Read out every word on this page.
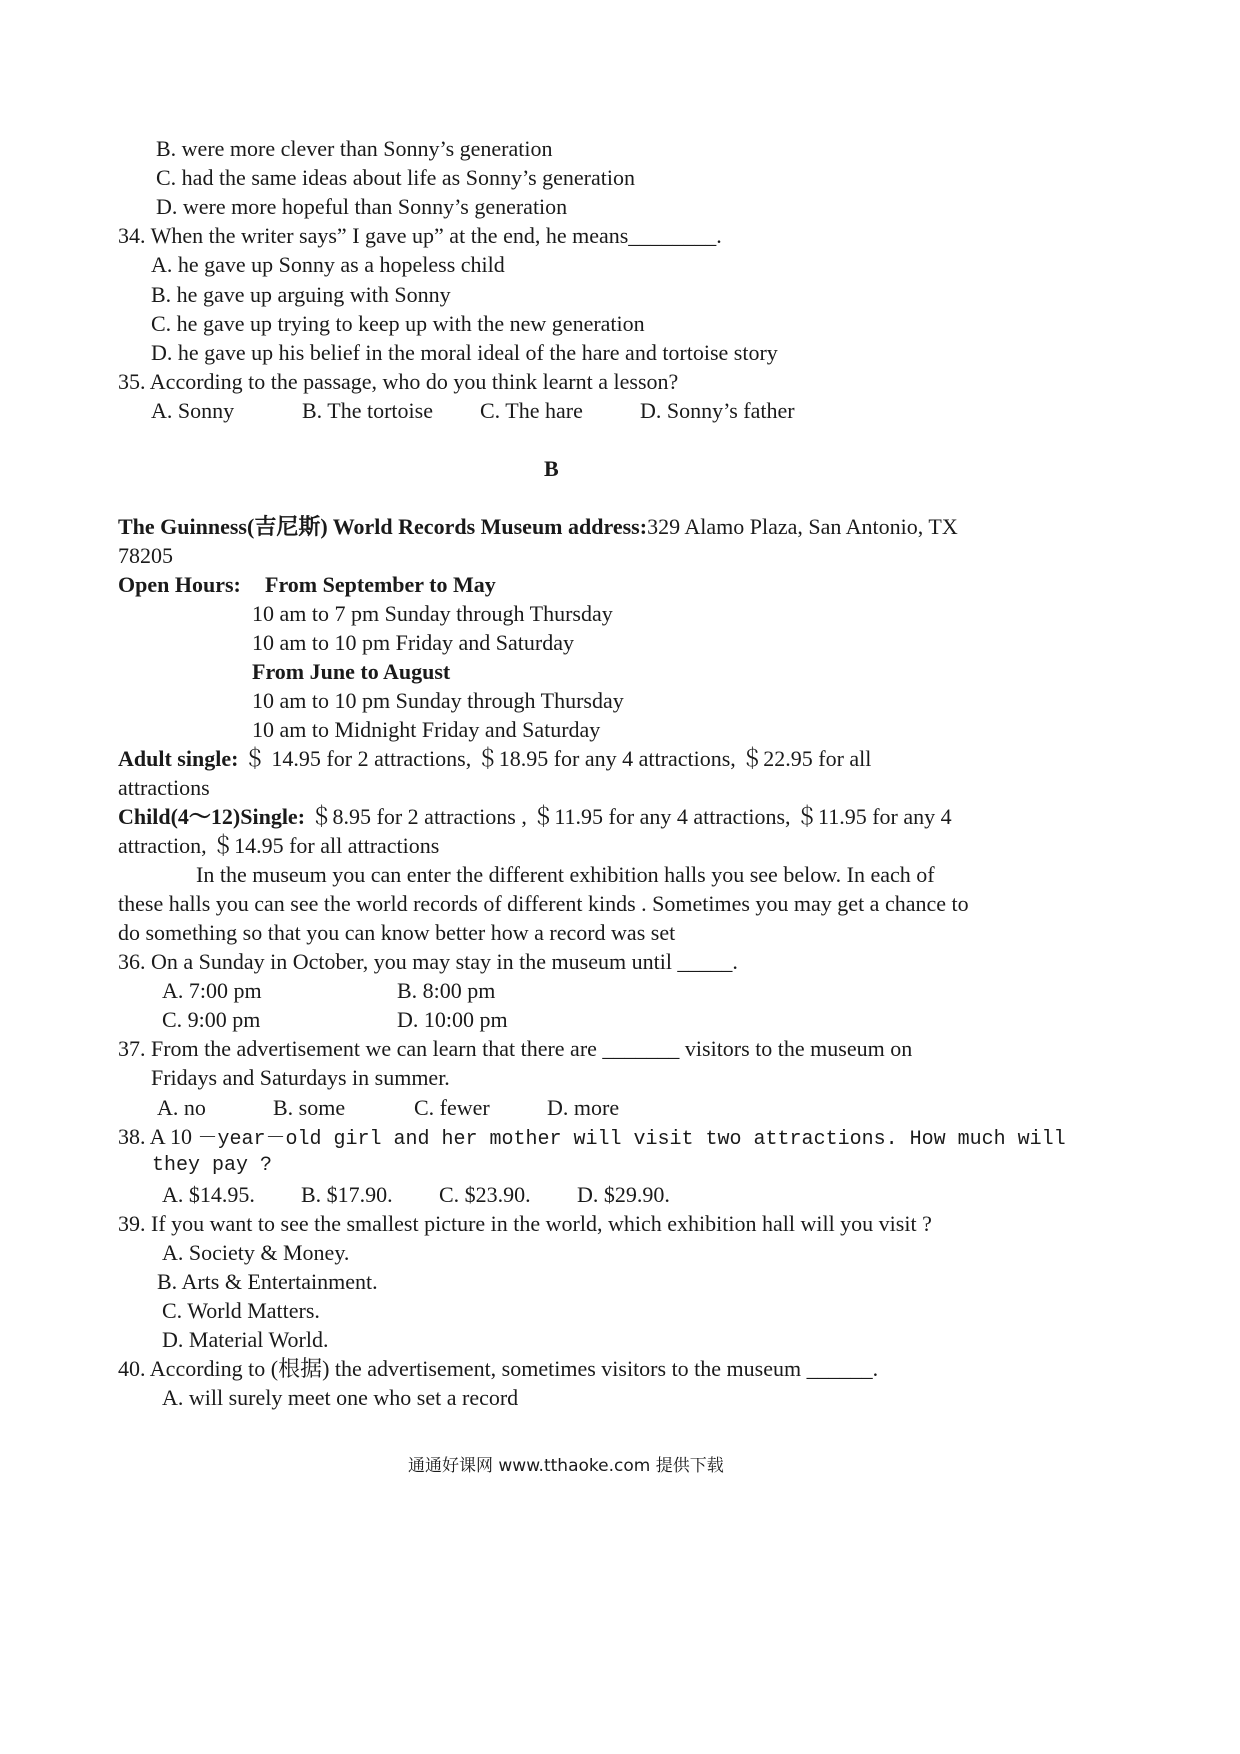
B. were more clever than Sonny’s generation
C. had the same ideas about life as Sonny’s generation
D. were more hopeful than Sonny’s generation
34. When the writer says” I gave up” at the end, he means________.
A. he gave up Sonny as a hopeless child
B. he gave up arguing with Sonny
C. he gave up trying to keep up with the new generation
D. he gave up his belief in the moral ideal of the hare and tortoise story
35. According to the passage, who do you think learnt a lesson?
A. Sonny	B. The tortoise C. The hare	D. Sonny’s father
B
The Guinness(吉尼斯) World Records Museum address:329 Alamo Plaza, San Antonio, TX
78205
Open Hours: From September to May
10 am to 7 pm Sunday through Thursday
10 am to 10 pm Friday and Saturday
From June to August
10 am to 10 pm Sunday through Thursday
10 am to Midnight Friday and Saturday
Adult single: ＄ 14.95 for 2 attractions, ＄18.95 for any 4 attractions, ＄22.95 for all
attractions
Child(4～12)Single: ＄8.95 for 2 attractions , ＄11.95 for any 4 attractions, ＄11.95 for any 4
attraction, ＄14.95 for all attractions
In the museum you can enter the different exhibition halls you see below. In each of
these halls you can see the world records of different kinds . Sometimes you may get a chance to
do something so that you can know better how a record was set
36. On a Sunday in October, you may stay in the museum until _____.
A. 7:00 pm	B. 8:00 pm
C. 9:00 pm	D. 10:00 pm
37. From the advertisement we can learn that there are _______ visitors to the museum on
Fridays and Saturdays in summer.
A. no	B. some	C. fewer	D. more
38. A 10 －year－old girl and her mother will visit two attractions. How much will
they pay ?
A. $14.95. B. $17.90. C. $23.90. D. $29.90.
39. If you want to see the smallest picture in the world, which exhibition hall will you visit ?
A. Society & Money.
B. Arts & Entertainment.
C. World Matters.
D. Material World.
40. According to (根据) the advertisement, sometimes visitors to the museum ______.
A. will surely meet one who set a record
通通好课网 www.tthaoke.com 提供下载
